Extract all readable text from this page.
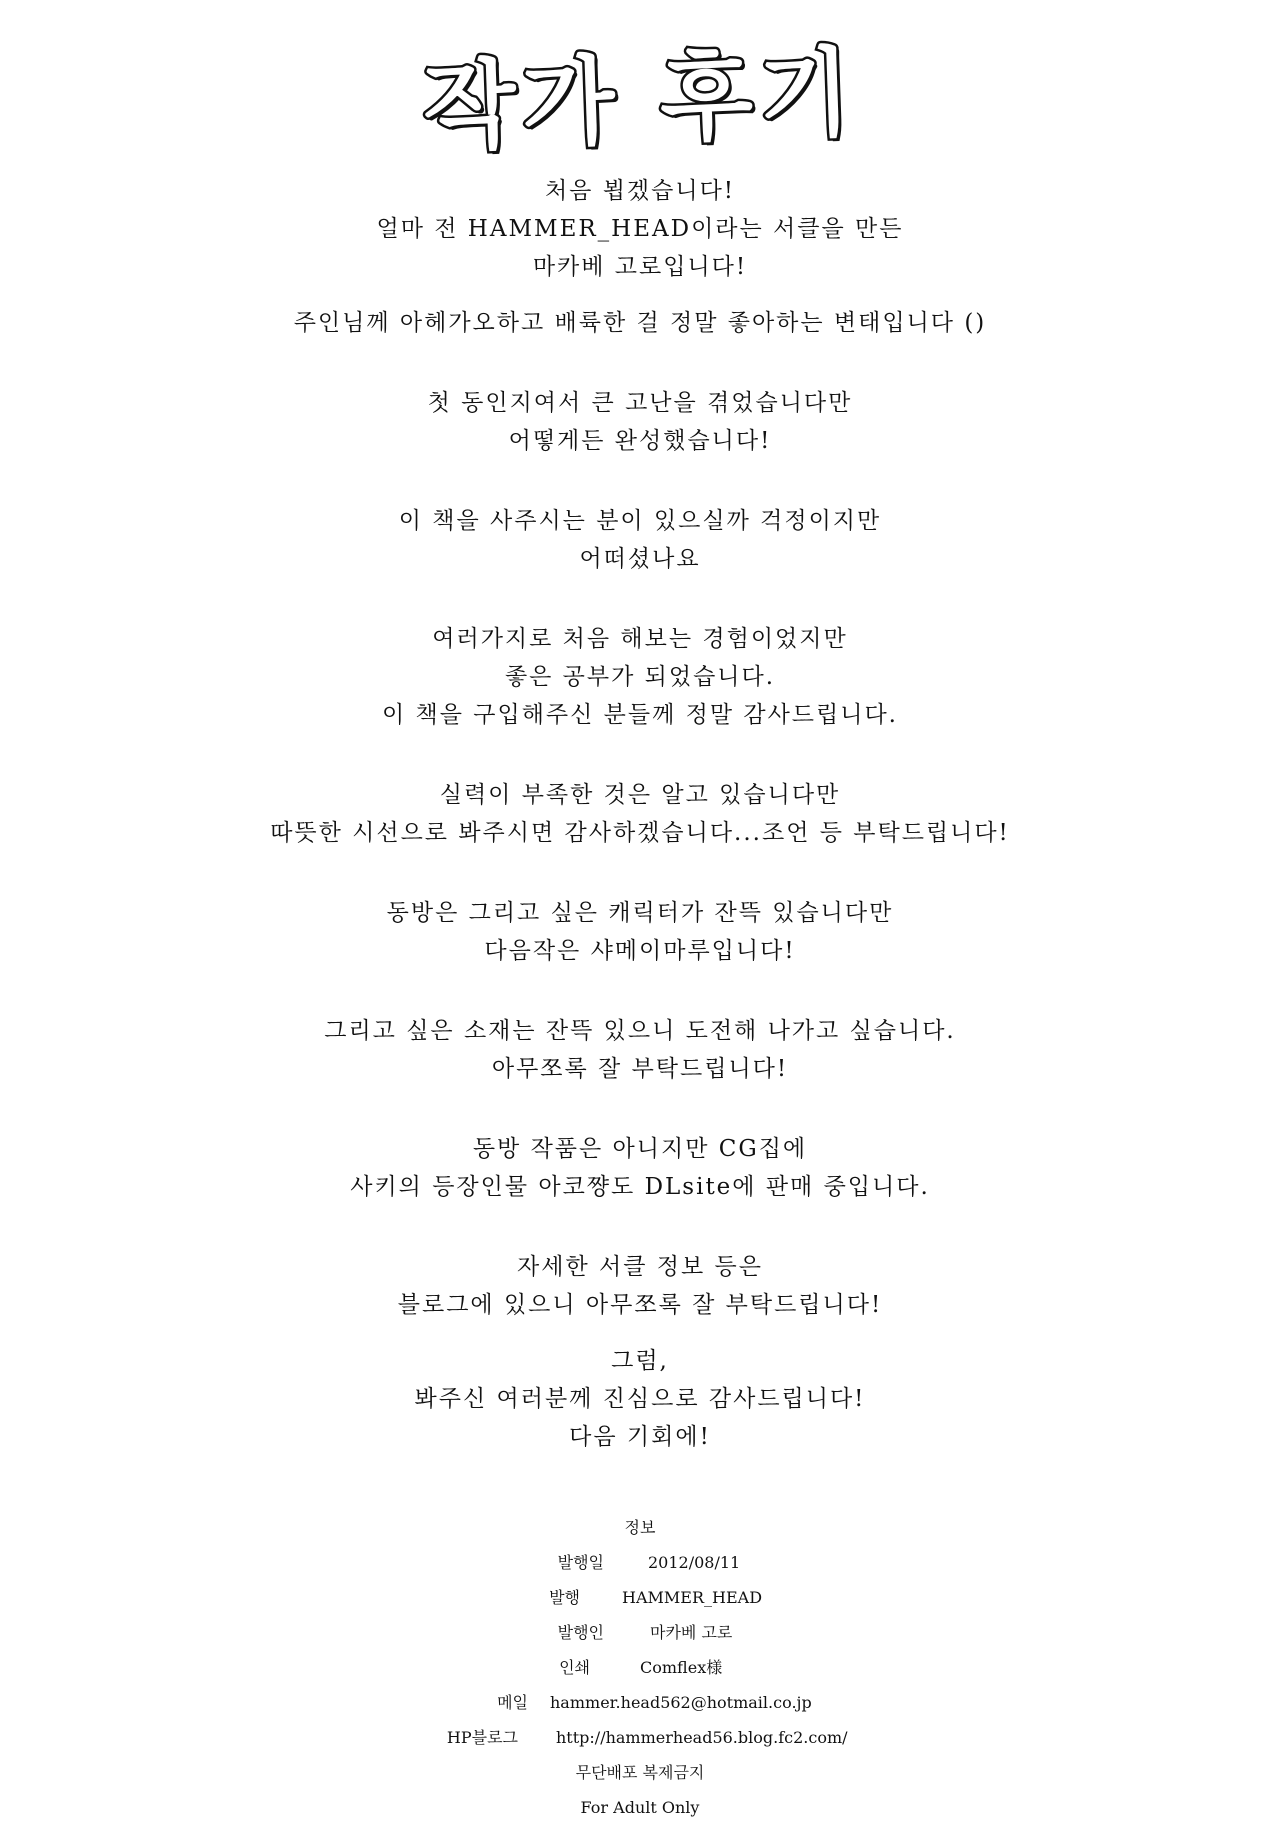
작가 후기

처음 뵙겠습니다!
얼마 전 HAMMER_HEAD이라는 서클을 만든
마카베 고로입니다!

주인님께 아헤가오하고 배륙한 걸 정말 좋아하는 변태입니다 ()

첫 동인지여서 큰 고난을 겪었습니다만
어떻게든 완성했습니다!

이 책을 사주시는 분이 있으실까 걱정이지만
어떠셨나요

여러가지로 처음 해보는 경험이었지만
좋은 공부가 되었습니다.
이 책을 구입해주신 분들께 정말 감사드립니다.

실력이 부족한 것은 알고 있습니다만
따뜻한 시선으로 봐주시면 감사하겠습니다...조언 등 부탁드립니다!

동방은 그리고 싶은 캐릭터가 잔뜩 있습니다만
다음작은 샤메이마루입니다!

그리고 싶은 소재는 잔뜩 있으니 도전해 나가고 싶습니다.
아무쪼록 잘 부탁드립니다!

동방 작품은 아니지만 CG집에
사키의 등장인물 아코쨩도 DLsite에 판매 중입니다.

자세한 서클 정보 등은
블로그에 있으니 아무쪼록 잘 부탁드립니다!

그럼,
봐주신 여러분께 진심으로 감사드립니다!
다음 기회에!

정보
발행일	2012/08/11
발행	HAMMER_HEAD
발행인	마카베 고로
인쇄	Comflex様
메일 hammer.head562@hotmail.co.jp
HP블로그 http://hammerhead56.blog.fc2.com/
무단배포 복제금지
For Adult Only
